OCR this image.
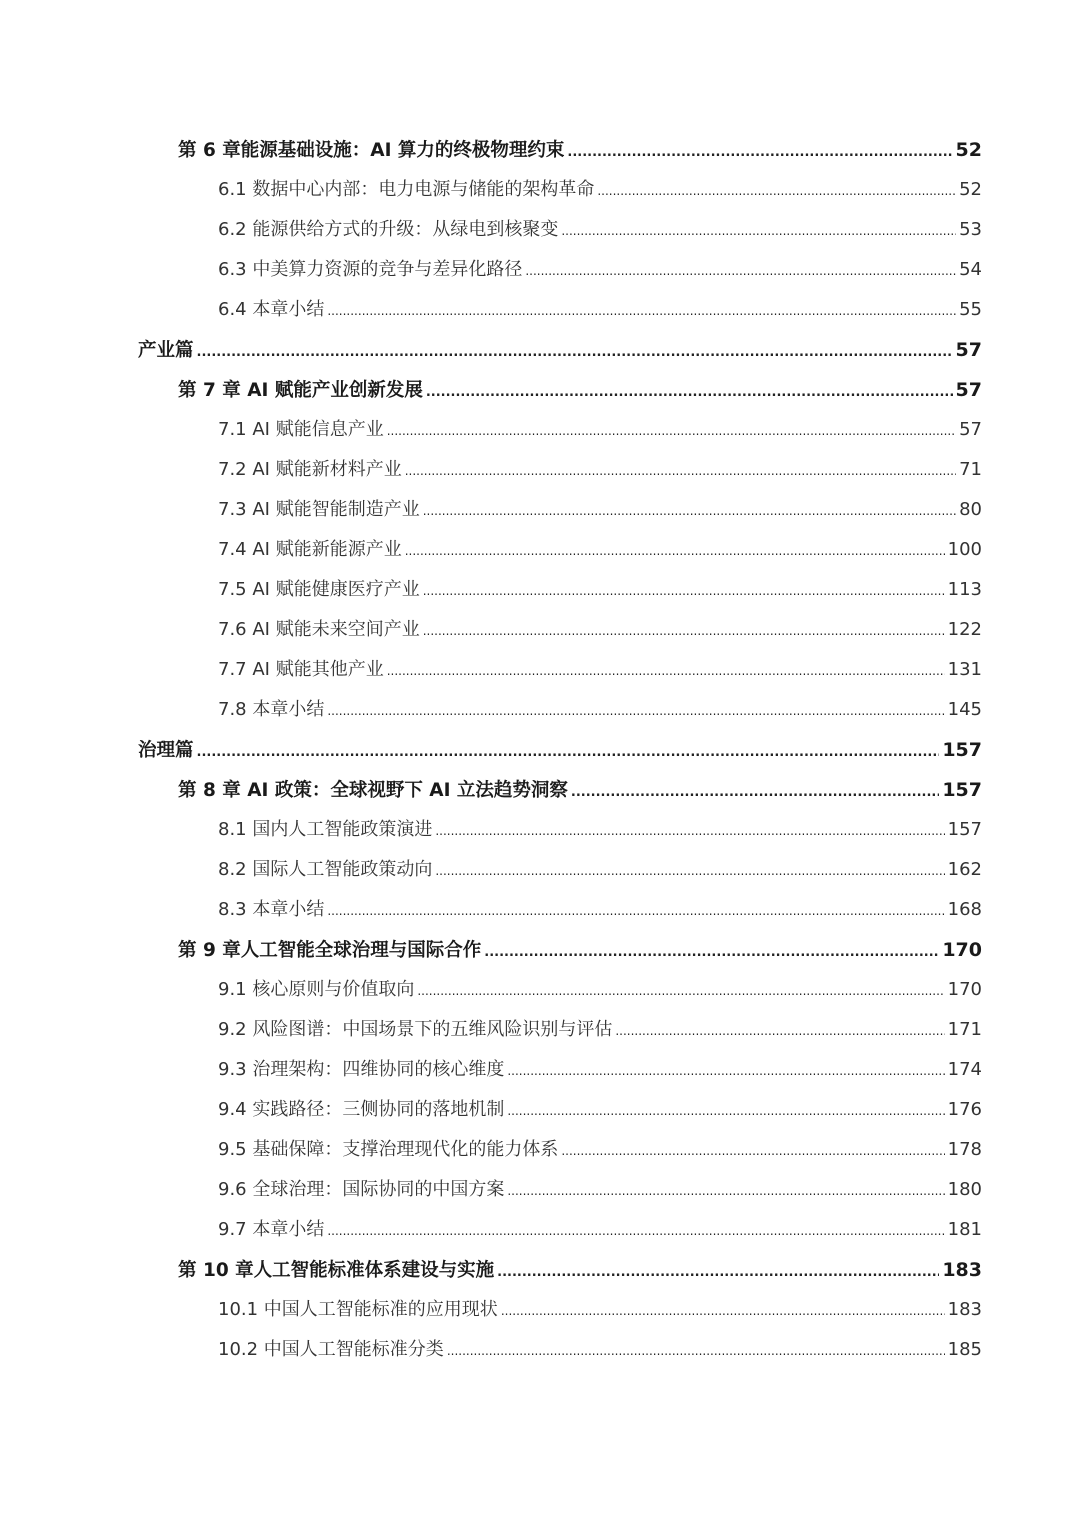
第 6 章能源基础设施：AI 算力的终极物理约束 .....	52
6.1 数据中心内部：电力电源与储能的架构革命 .....	52
6.2 能源供给方式的升级：从绿电到核聚变 .....	53
6.3 中美算力资源的竞争与差异化路径 .....	54
6.4 本章小结 .....	55
产业篇 .....	57
第 7 章 AI 赋能产业创新发展 .....	57
7.1 AI 赋能信息产业 .....	57
7.2 AI 赋能新材料产业 .....	71
7.3 AI 赋能智能制造产业 .....	80
7.4 AI 赋能新能源产业 .....	100
7.5 AI 赋能健康医疗产业 .....	113
7.6 AI 赋能未来空间产业 .....	122
7.7 AI 赋能其他产业 .....	131
7.8 本章小结 .....	145
治理篇 .....	157
第 8 章 AI 政策：全球视野下 AI 立法趋势洞察 .....	157
8.1 国内人工智能政策演进 .....	157
8.2 国际人工智能政策动向 .....	162
8.3 本章小结 .....	168
第 9 章人工智能全球治理与国际合作 .....	170
9.1 核心原则与价值取向 .....	170
9.2 风险图谱：中国场景下的五维风险识别与评估 .....	171
9.3 治理架构：四维协同的核心维度 .....	174
9.4 实践路径：三侧协同的落地机制 .....	176
9.5 基础保障：支撑治理现代化的能力体系 .....	178
9.6 全球治理：国际协同的中国方案 .....	180
9.7 本章小结 .....	181
第 10 章人工智能标准体系建设与实施 .....	183
10.1 中国人工智能标准的应用现状 .....	183
10.2 中国人工智能标准分类 .....	185
